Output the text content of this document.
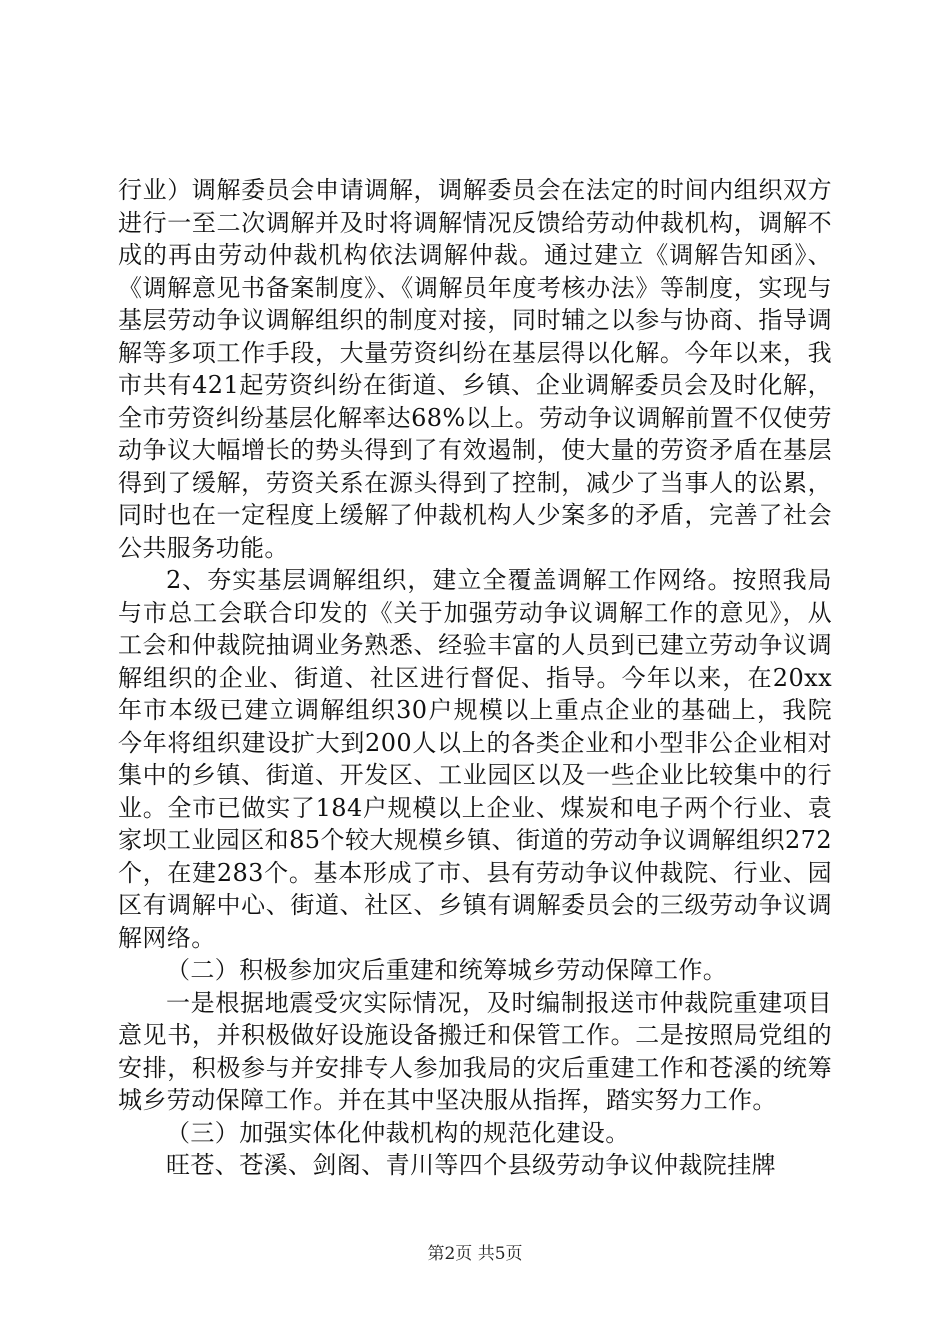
行业）调解委员会申请调解，调解委员会在法定的时间内组织双方进行一至二次调解并及时将调解情况反馈给劳动仲裁机构，调解不成的再由劳动仲裁机构依法调解仲裁。通过建立《调解告知函》、《调解意见书备案制度》、《调解员年度考核办法》等制度，实现与基层劳动争议调解组织的制度对接，同时辅之以参与协商、指导调解等多项工作手段，大量劳资纠纷在基层得以化解。今年以来，我市共有421起劳资纠纷在街道、乡镇、企业调解委员会及时化解，全市劳资纠纷基层化解率达68%以上。劳动争议调解前置不仅使劳动争议大幅增长的势头得到了有效遏制，使大量的劳资矛盾在基层得到了缓解，劳资关系在源头得到了控制，减少了当事人的讼累，同时也在一定程度上缓解了仲裁机构人少案多的矛盾，完善了社会公共服务功能。

2、夯实基层调解组织，建立全覆盖调解工作网络。按照我局与市总工会联合印发的《关于加强劳动争议调解工作的意见》，从工会和仲裁院抽调业务熟悉、经验丰富的人员到已建立劳动争议调解组织的企业、街道、社区进行督促、指导。今年以来，在20xx年市本级已建立调解组织30户规模以上重点企业的基础上，我院今年将组织建设扩大到200人以上的各类企业和小型非公企业相对集中的乡镇、街道、开发区、工业园区以及一些企业比较集中的行业。全市已做实了184户规模以上企业、煤炭和电子两个行业、袁家坝工业园区和85个较大规模乡镇、街道的劳动争议调解组织272个，在建283个。基本形成了市、县有劳动争议仲裁院、行业、园区有调解中心、街道、社区、乡镇有调解委员会的三级劳动争议调解网络。

（二）积极参加灾后重建和统筹城乡劳动保障工作。

一是根据地震受灾实际情况，及时编制报送市仲裁院重建项目意见书，并积极做好设施设备搬迁和保管工作。二是按照局党组的安排，积极参与并安排专人参加我局的灾后重建工作和苍溪的统筹城乡劳动保障工作。并在其中坚决服从指挥，踏实努力工作。

（三）加强实体化仲裁机构的规范化建设。

旺苍、苍溪、剑阁、青川等四个县级劳动争议仲裁院挂牌

第2页 共5页
